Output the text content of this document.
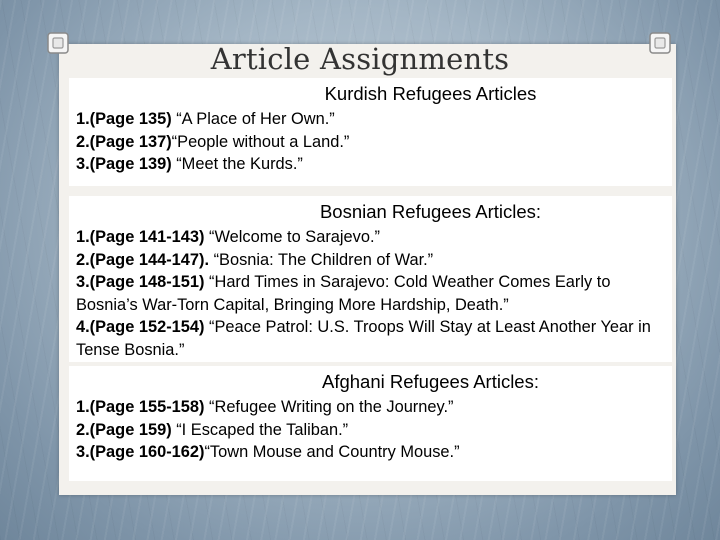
Article Assignments
Kurdish Refugees Articles
1.(Page 135) “A Place of Her Own.”
2.(Page 137)“People without a Land.”
3.(Page 139) “Meet the Kurds.”
Bosnian Refugees Articles:
1.(Page 141-143) “Welcome to Sarajevo.”
2.(Page 144-147). “Bosnia: The Children of War.”
3.(Page 148-151) “Hard Times in Sarajevo: Cold Weather Comes Early to Bosnia’s War-Torn Capital, Bringing More Hardship, Death.”
4.(Page 152-154) “Peace Patrol: U.S. Troops Will Stay at Least Another Year in Tense Bosnia.”
Afghani Refugees Articles:
1.(Page 155-158) “Refugee Writing on the Journey.”
2.(Page 159) “I Escaped the Taliban.”
3.(Page 160-162)“Town Mouse and Country Mouse.”
